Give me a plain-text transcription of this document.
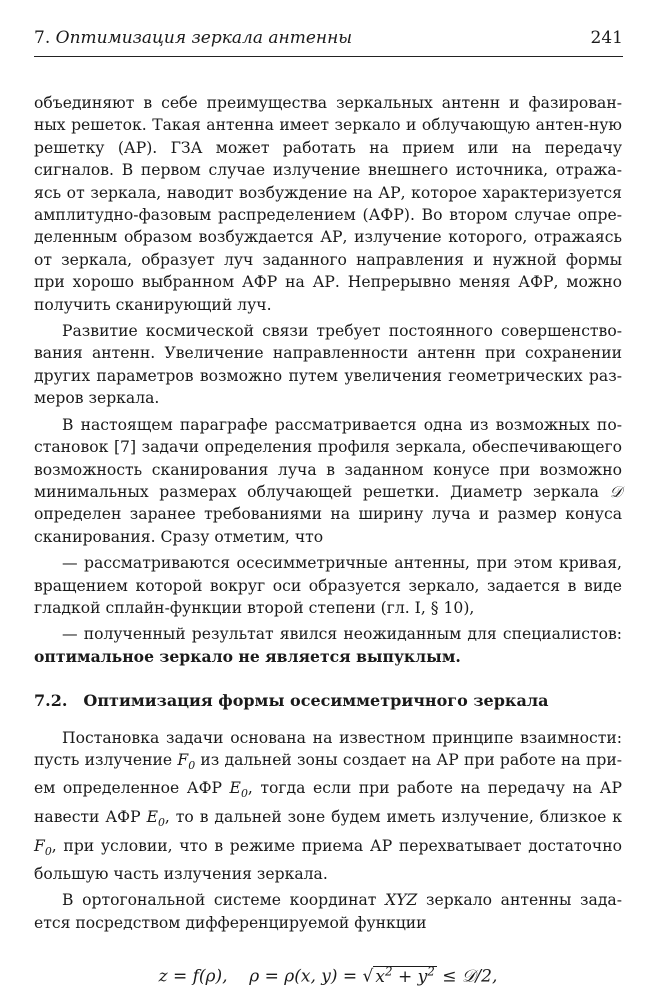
7. Оптимизация зеркала антенны	241

объединяют в себе преимущества зеркальных антенн и фазирован-ных решеток. Такая антенна имеет зеркало и облучающую антен-ную решетку (АР). ГЗА может работать на прием или на передачу сигналов. В первом случае излучение внешнего источника, отража-ясь от зеркала, наводит возбуждение на АР, которое характеризуется амплитудно-фазовым распределением (АФР). Во втором случае опре-деленным образом возбуждается АР, излучение которого, отражаясь от зеркала, образует луч заданного направления и нужной формы при хорошо выбранном АФР на АР. Непрерывно меняя АФР, можно получить сканирующий луч.

Развитие космической связи требует постоянного совершенство-вания антенн. Увеличение направленности антенн при сохранении других параметров возможно путем увеличения геометрических раз-меров зеркала.

В настоящем параграфе рассматривается одна из возможных по-становок [7] задачи определения профиля зеркала, обеспечивающего возможность сканирования луча в заданном конусе при возможно минимальных размерах облучающей решетки. Диаметр зеркала 𝒟 определен заранее требованиями на ширину луча и размер конуса сканирования. Сразу отметим, что

— рассматриваются осесимметричные антенны, при этом кривая, вращением которой вокруг оси образуется зеркало, задается в виде гладкой сплайн-функции второй степени (гл. I, § 10),

— полученный результат явился неожиданным для специалистов: оптимальное зеркало не является выпуклым.

7.2. Оптимизация формы осесимметричного зеркала

Постановка задачи основана на известном принципе взаимности: пусть излучение $F_0$ из дальней зоны создает на АР при работе на при-ем определенное АФР $E_0$, тогда если при работе на передачу на АР навести АФР $E_0$, то в дальней зоне будем иметь излучение, близкое к $F_0$, при условии, что в режиме приема АР перехватывает достаточно большую часть излучения зеркала.

В ортогональной системе координат XYZ зеркало антенны зада-ется посредством дифференцируемой функции

z = f(ρ), ρ = ρ(x, y) = √ $x^2 + y^2$ ≤ 𝒟/2,
